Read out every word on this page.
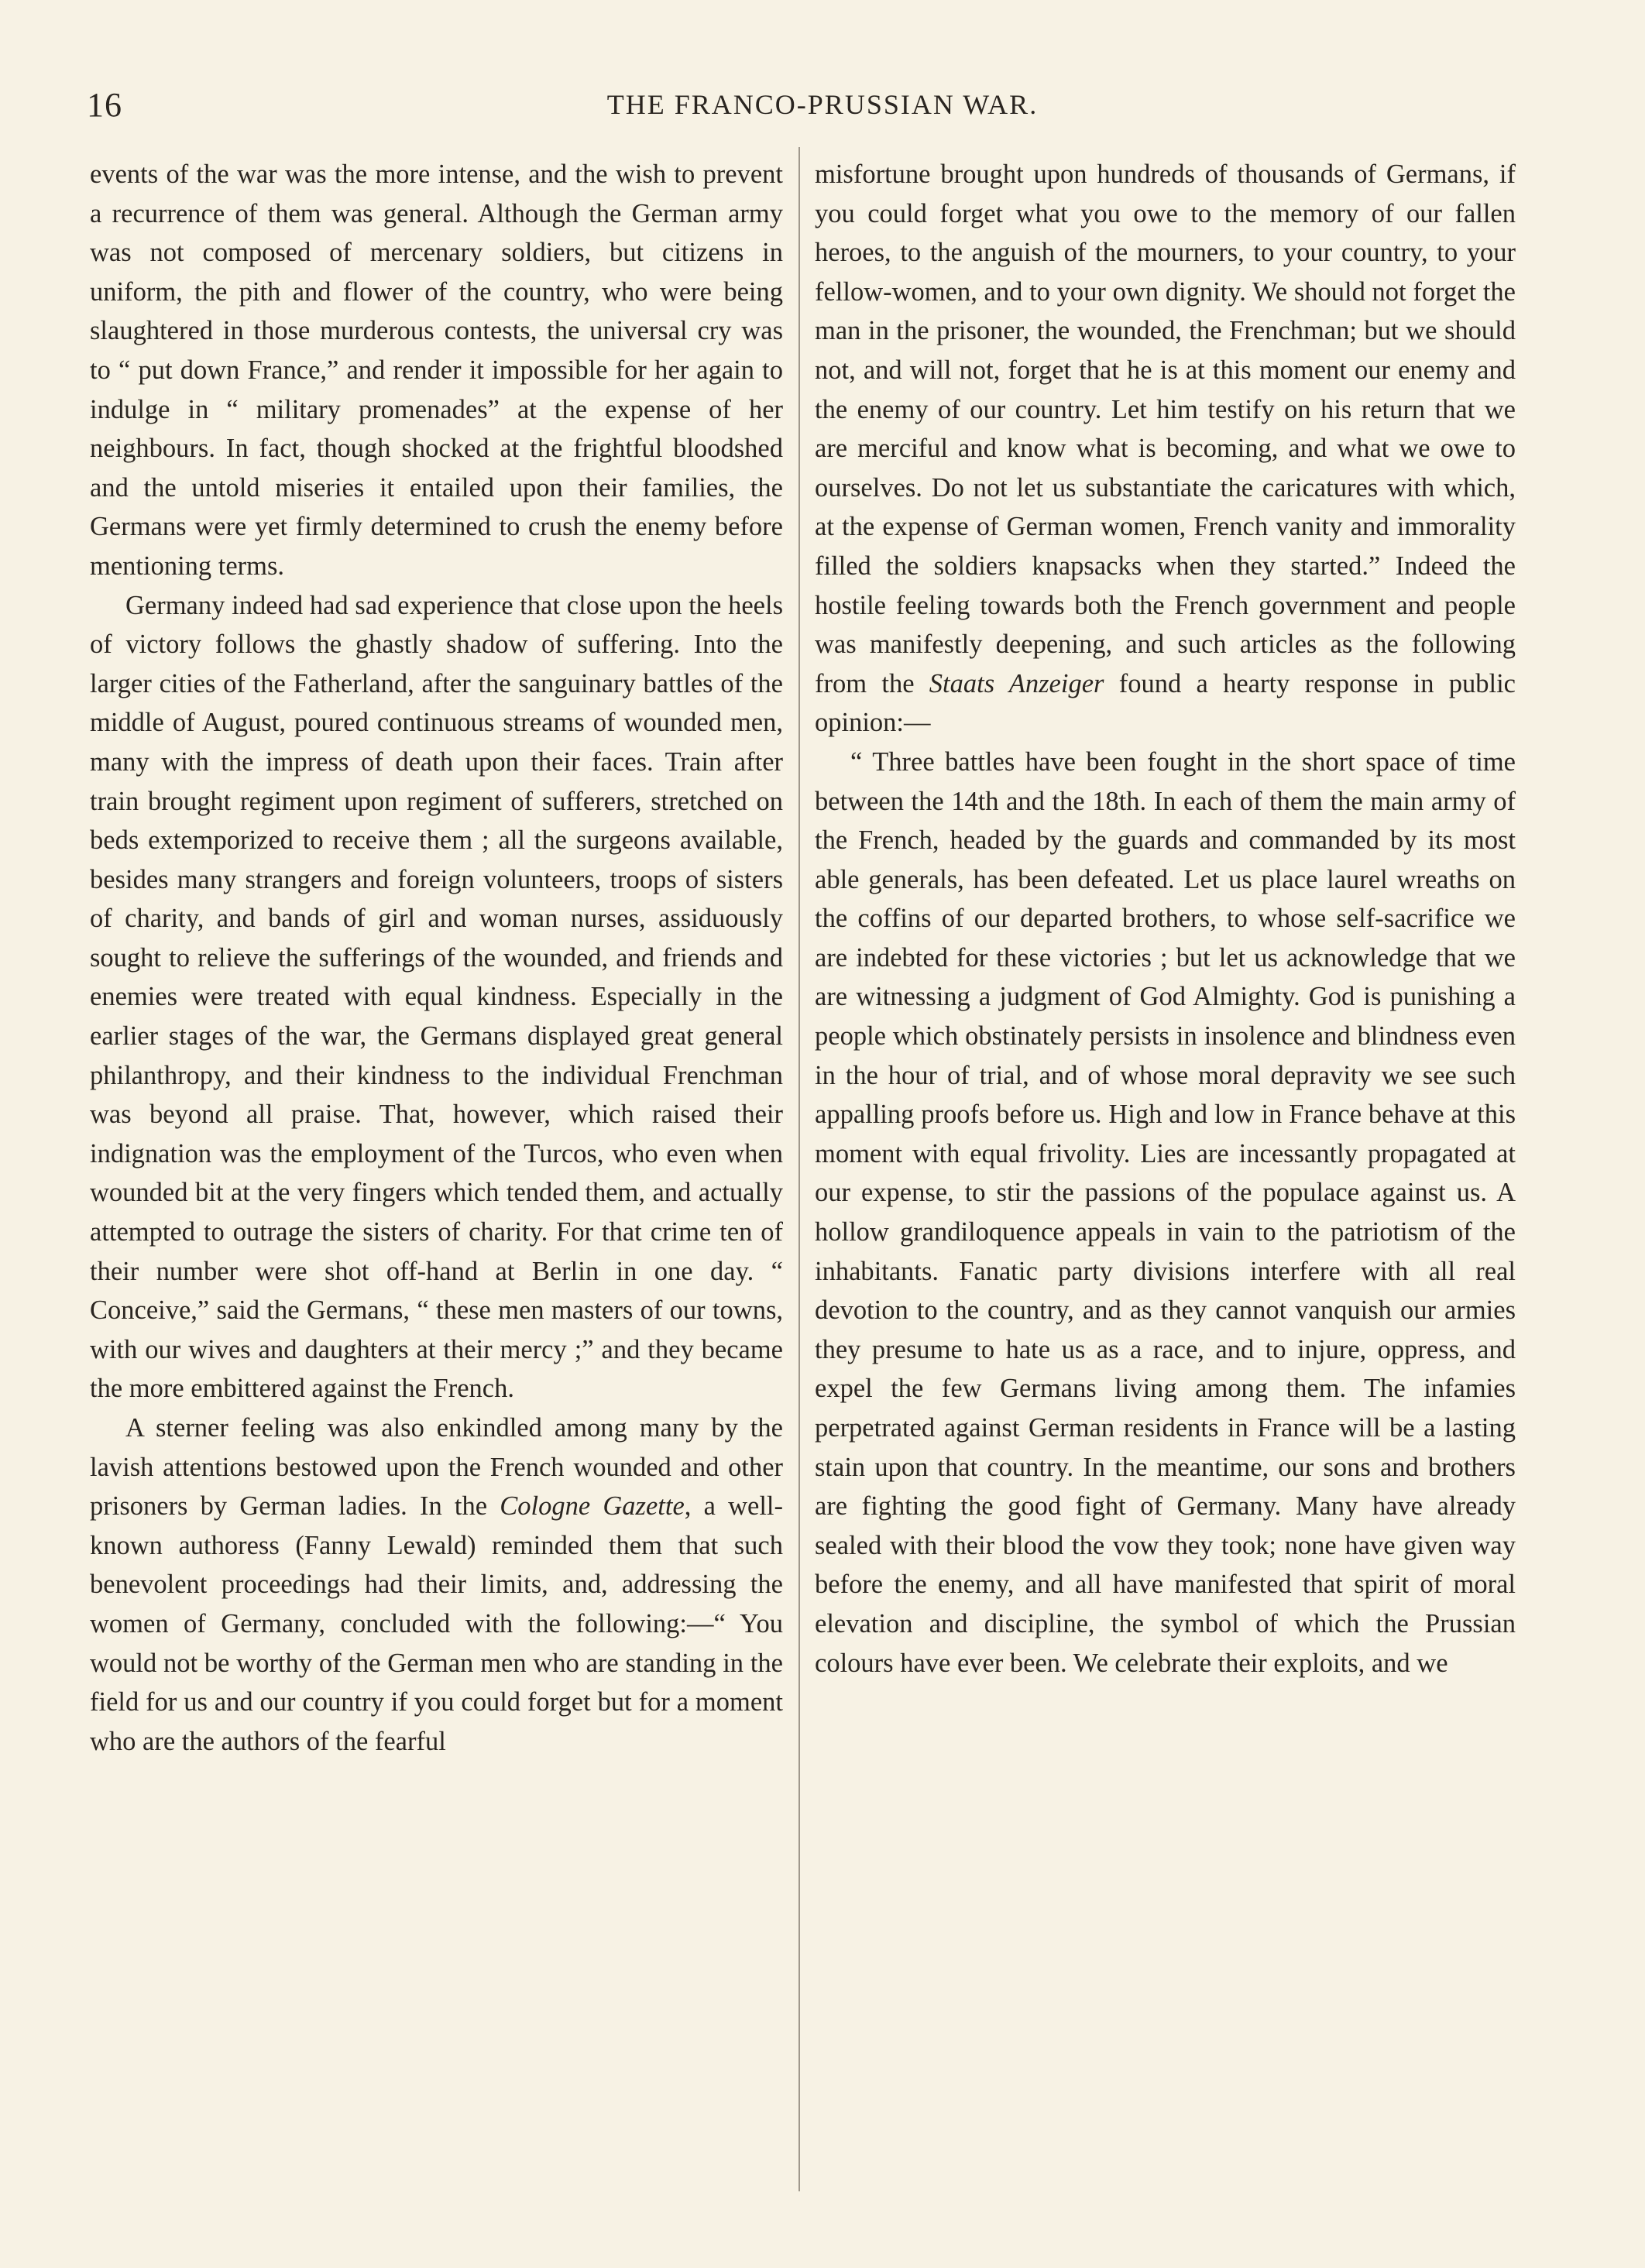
16	THE FRANCO-PRUSSIAN WAR.

events of the war was the more intense, and the wish to prevent a recurrence of them was general. Although the German army was not composed of mercenary soldiers, but citizens in uniform, the pith and flower of the country, who were being slaughtered in those murderous contests, the universal cry was to “ put down France,” and render it impossible for her again to indulge in “ military promenades” at the expense of her neighbours. In fact, though shocked at the frightful bloodshed and the untold miseries it entailed upon their families, the Germans were yet firmly determined to crush the enemy before mentioning terms.

Germany indeed had sad experience that close upon the heels of victory follows the ghastly shadow of suffering. Into the larger cities of the Fatherland, after the sanguinary battles of the middle of August, poured continuous streams of wounded men, many with the impress of death upon their faces. Train after train brought regiment upon regiment of sufferers, stretched on beds extemporized to receive them ; all the surgeons available, besides many strangers and foreign volunteers, troops of sisters of charity, and bands of girl and woman nurses, assiduously sought to relieve the sufferings of the wounded, and friends and enemies were treated with equal kindness. Especially in the earlier stages of the war, the Germans displayed great general philanthropy, and their kindness to the individual Frenchman was beyond all praise. That, however, which raised their indignation was the employment of the Turcos, who even when wounded bit at the very fingers which tended them, and actually attempted to outrage the sisters of charity. For that crime ten of their number were shot off-hand at Berlin in one day. “ Conceive,” said the Germans, “ these men masters of our towns, with our wives and daughters at their mercy ;” and they became the more embittered against the French.

A sterner feeling was also enkindled among many by the lavish attentions bestowed upon the French wounded and other prisoners by German ladies. In the Cologne Gazette, a well-known authoress (Fanny Lewald) reminded them that such benevolent proceedings had their limits, and, addressing the women of Germany, concluded with the following:—“ You would not be worthy of the German men who are standing in the field for us and our country if you could forget but for a moment who are the authors of the fearful

misfortune brought upon hundreds of thousands of Germans, if you could forget what you owe to the memory of our fallen heroes, to the anguish of the mourners, to your country, to your fellow-women, and to your own dignity. We should not forget the man in the prisoner, the wounded, the Frenchman; but we should not, and will not, forget that he is at this moment our enemy and the enemy of our country. Let him testify on his return that we are merciful and know what is becoming, and what we owe to ourselves. Do not let us substantiate the caricatures with which, at the expense of German women, French vanity and immorality filled the soldiers knapsacks when they started.” Indeed the hostile feeling towards both the French government and people was manifestly deepening, and such articles as the following from the Staats Anzeiger found a hearty response in public opinion:—

“ Three battles have been fought in the short space of time between the 14th and the 18th. In each of them the main army of the French, headed by the guards and commanded by its most able generals, has been defeated. Let us place laurel wreaths on the coffins of our departed brothers, to whose self-sacrifice we are indebted for these victories ; but let us acknowledge that we are witnessing a judgment of God Almighty. God is punishing a people which obstinately persists in insolence and blindness even in the hour of trial, and of whose moral depravity we see such appalling proofs before us. High and low in France behave at this moment with equal frivolity. Lies are incessantly propagated at our expense, to stir the passions of the populace against us. A hollow grandiloquence appeals in vain to the patriotism of the inhabitants. Fanatic party divisions interfere with all real devotion to the country, and as they cannot vanquish our armies they presume to hate us as a race, and to injure, oppress, and expel the few Germans living among them. The infamies perpetrated against German residents in France will be a lasting stain upon that country. In the meantime, our sons and brothers are fighting the good fight of Germany. Many have already sealed with their blood the vow they took; none have given way before the enemy, and all have manifested that spirit of moral elevation and discipline, the symbol of which the Prussian colours have ever been. We celebrate their exploits, and we
